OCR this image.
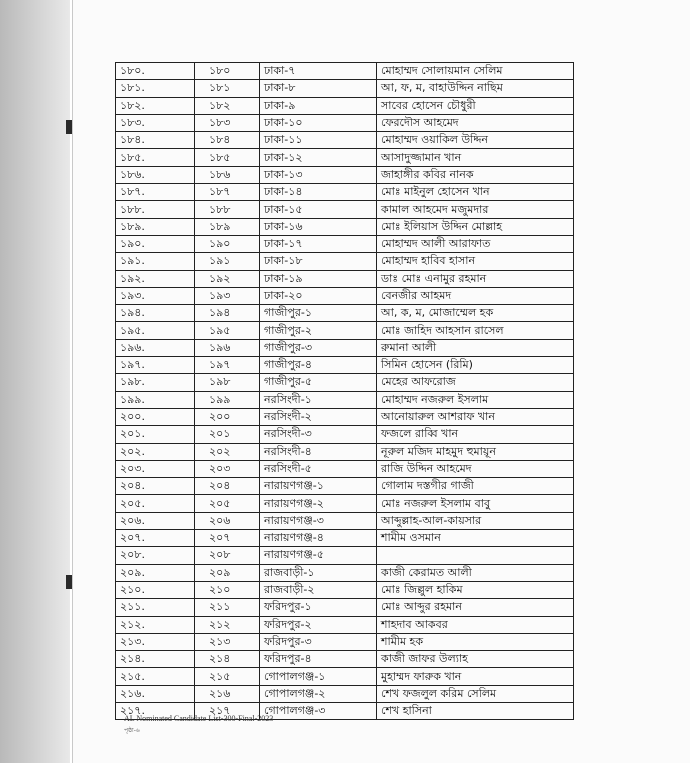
১৮০.	১৮০	ঢাকা-৭	মোহাম্মদ সোলায়মান সেলিম
১৮১.	১৮১	ঢাকা-৮	আ, ফ, ম, বাহাউদ্দিন নাছিম
১৮২.	১৮২	ঢাকা-৯	সাবের হোসেন চৌধুরী
১৮৩.	১৮৩	ঢাকা-১০	ফেরদৌস আহমেদ
১৮৪.	১৮৪	ঢাকা-১১	মোহাম্মদ ওয়াকিল উদ্দিন
১৮৫.	১৮৫	ঢাকা-১২	আসাদুজ্জামান খান
১৮৬.	১৮৬	ঢাকা-১৩	জাহাঙ্গীর কবির নানক
১৮৭.	১৮৭	ঢাকা-১৪	মোঃ মাইনুল হোসেন খান
১৮৮.	১৮৮	ঢাকা-১৫	কামাল আহমেদ মজুমদার
১৮৯.	১৮৯	ঢাকা-১৬	মোঃ ইলিয়াস উদ্দিন মোল্লাহ
১৯০.	১৯০	ঢাকা-১৭	মোহাম্মদ আলী আরাফাত
১৯১.	১৯১	ঢাকা-১৮	মোহাম্মদ হাবিব হাসান
১৯২.	১৯২	ঢাকা-১৯	ডাঃ মোঃ এনামুর রহমান
১৯৩.	১৯৩	ঢাকা-২০	বেনজীর আহমদ
১৯৪.	১৯৪	গাজীপুর-১	আ, ক, ম, মোজাম্মেল হক
১৯৫.	১৯৫	গাজীপুর-২	মোঃ জাহিদ আহসান রাসেল
১৯৬.	১৯৬	গাজীপুর-৩	রুমানা আলী
১৯৭.	১৯৭	গাজীপুর-৪	সিমিন হোসেন (রিমি)
১৯৮.	১৯৮	গাজীপুর-৫	মেহের আফরোজ
১৯৯.	১৯৯	নরসিংদী-১	মোহাম্মদ নজরুল ইসলাম
২০০.	২০০	নরসিংদী-২	আনোয়ারুল আশরাফ খান
২০১.	২০১	নরসিংদী-৩	ফজলে রাব্বি খান
২০২.	২০২	নরসিংদী-৪	নূরুল মজিদ মাহমুদ হুমায়ূন
২০৩.	২০৩	নরসিংদী-৫	রাজি উদ্দিন আহমেদ
২০৪.	২০৪	নারায়ণগঞ্জ-১	গোলাম দস্তগীর গাজী
২০৫.	২০৫	নারায়ণগঞ্জ-২	মোঃ নজরুল ইসলাম বাবু
২০৬.	২০৬	নারায়ণগঞ্জ-৩	আব্দুল্লাহ-আল-কায়সার
২০৭.	২০৭	নারায়ণগঞ্জ-৪	শামীম ওসমান
২০৮.	২০৮	নারায়ণগঞ্জ-৫	
২০৯.	২০৯	রাজবাড়ী-১	কাজী কেরামত আলী
২১০.	২১০	রাজবাড়ী-২	মোঃ জিল্লুল হাকিম
২১১.	২১১	ফরিদপুর-১	মোঃ আব্দুর রহমান
২১২.	২১২	ফরিদপুর-২	শাহদাব আকবর
২১৩.	২১৩	ফরিদপুর-৩	শামীম হক
২১৪.	২১৪	ফরিদপুর-৪	কাজী জাফর উল্যাহ
২১৫.	২১৫	গোপালগঞ্জ-১	মুহাম্মদ ফারুক খান
২১৬.	২১৬	গোপালগঞ্জ-২	শেখ ফজলুল করিম সেলিম
২১৭.	২১৭	গোপালগঞ্জ-৩	শেখ হাসিনা
AL Nominated Candidate List-300-Final-2023
পৃষ্ঠা-৬
